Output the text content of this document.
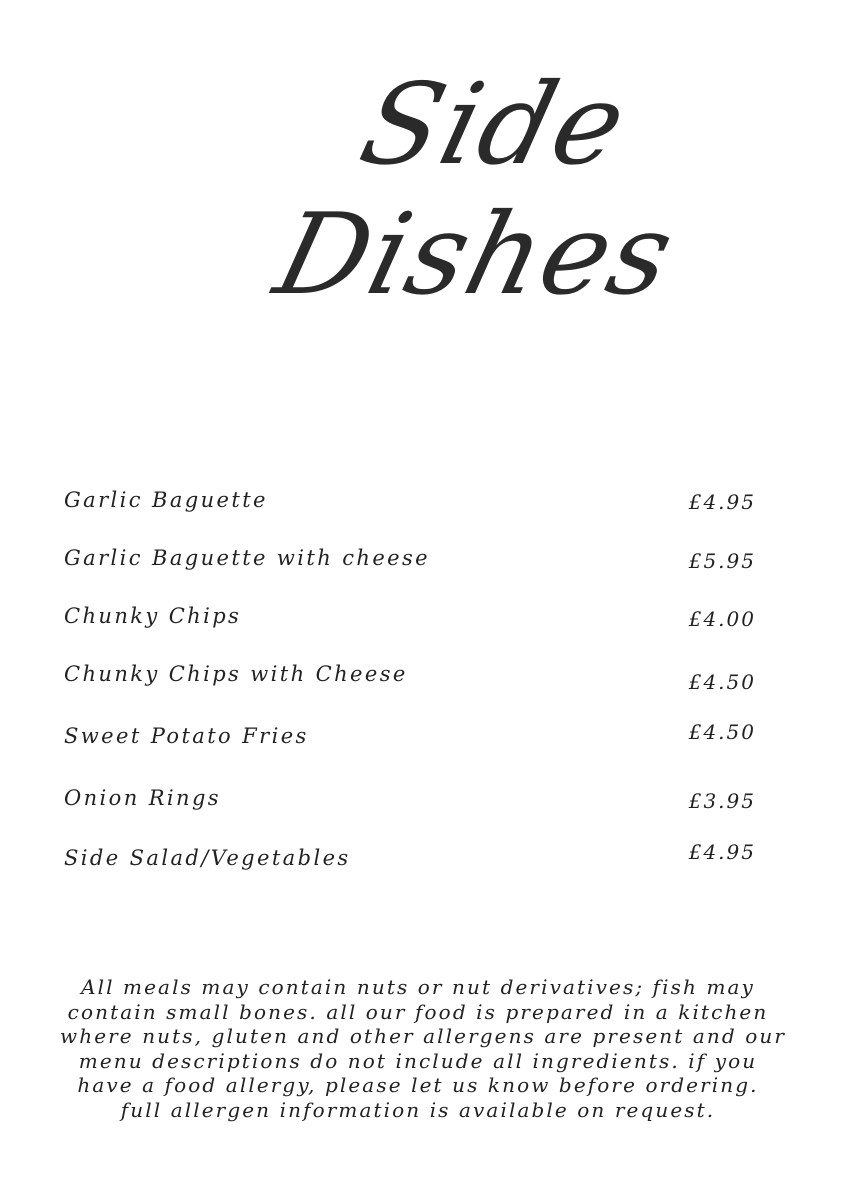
Side
Dishes
Garlic Baguette	£4.95
Garlic Baguette with cheese	£5.95
Chunky Chips	£4.00
Chunky Chips with Cheese	£4.50
Sweet Potato Fries	£4.50
Onion Rings	£3.95
Side Salad/Vegetables	£4.95
All meals may contain nuts or nut derivatives; fish may
contain small bones. all our food is prepared in a kitchen
where nuts, gluten and other allergens are present and our
menu descriptions do not include all ingredients. if you
have a food allergy, please let us know before ordering.
full allergen information is available on request.
